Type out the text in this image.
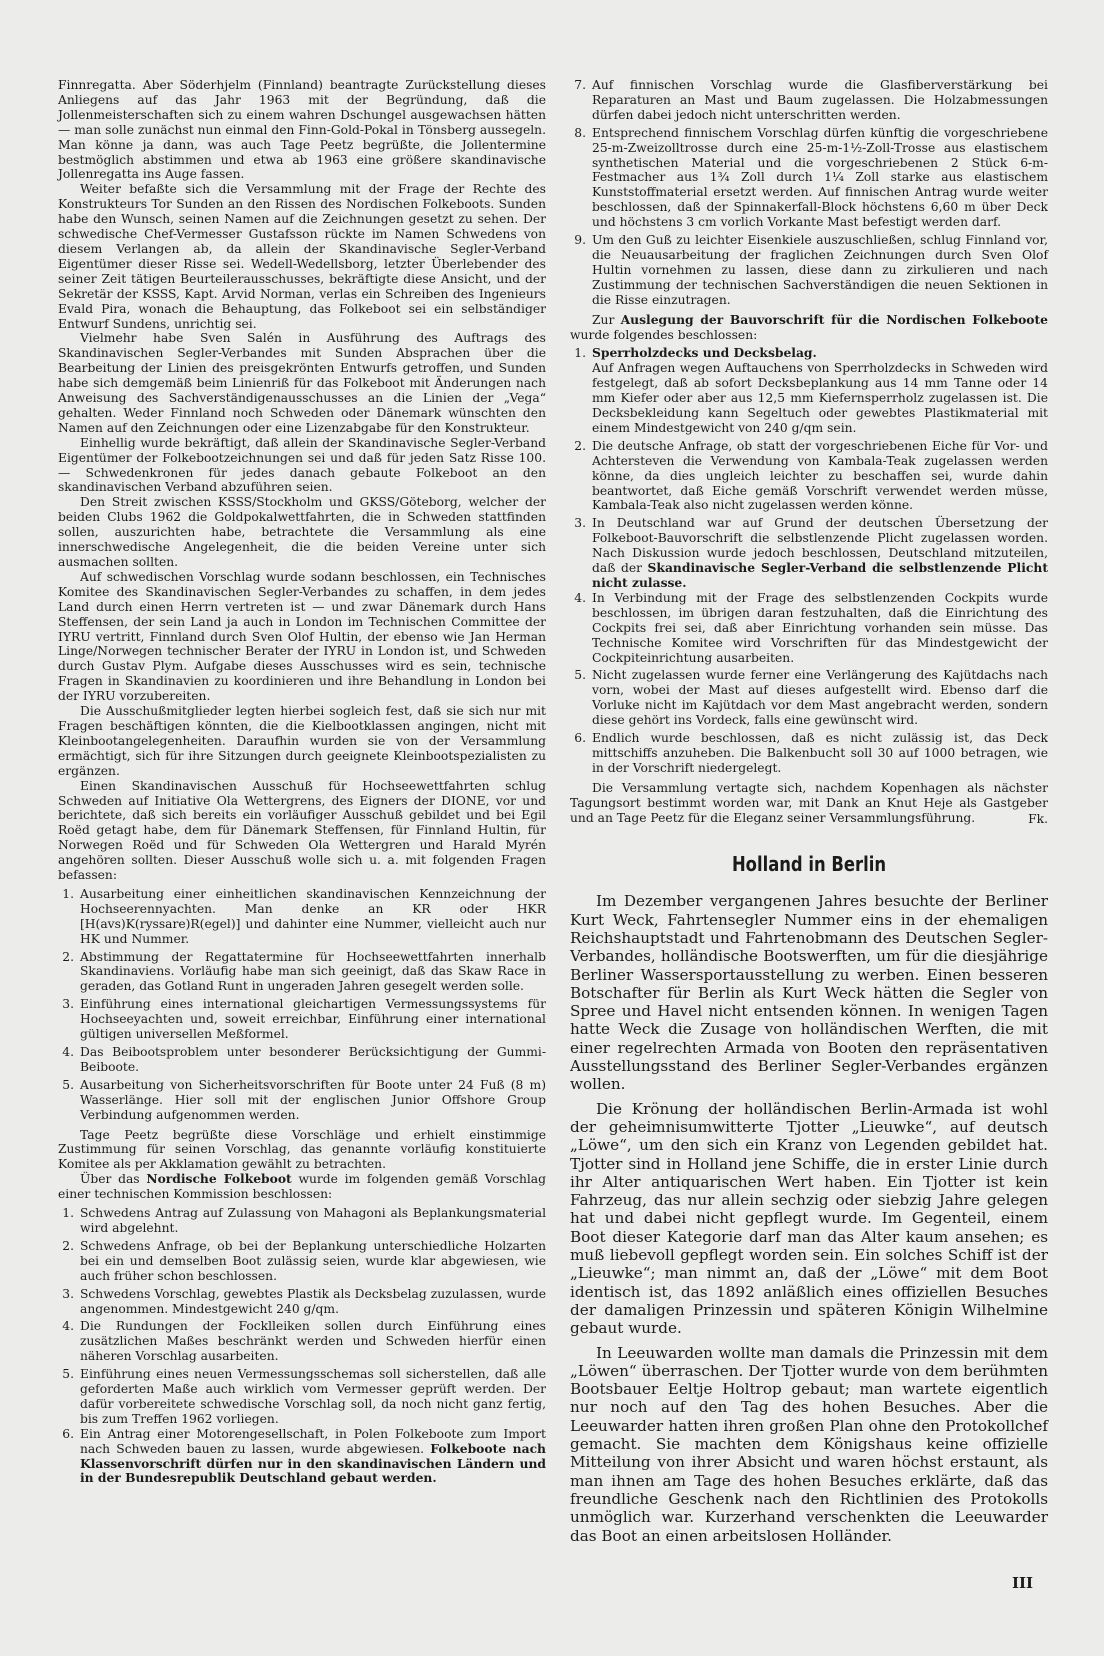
Finnregatta. Aber Söderhjelm (Finnland) beantragte Zurückstellung dieses Anliegens auf das Jahr 1963 mit der Begründung, daß die Jollenmeisterschaften sich zu einem wahren Dschungel ausgewachsen hätten — man solle zunächst nun einmal den Finn-Gold-Pokal in Tönsberg aussegeln. Man könne ja dann, was auch Tage Peetz begrüßte, die Jollentermine bestmöglich abstimmen und etwa ab 1963 eine größere skandinavische Jollenregatta ins Auge fassen.

Weiter befaßte sich die Versammlung mit der Frage der Rechte des Konstrukteurs Tor Sunden an den Rissen des Nordischen Folkeboots. Sunden habe den Wunsch, seinen Namen auf die Zeichnungen gesetzt zu sehen. Der schwedische Chef-Vermesser Gustafsson rückte im Namen Schwedens von diesem Verlangen ab, da allein der Skandinavische Segler-Verband Eigentümer dieser Risse sei. Wedell-Wedellsborg, letzter Überlebender des seiner Zeit tätigen Beurteilerausschusses, bekräftigte diese Ansicht, und der Sekretär der KSSS, Kapt. Arvid Norman, verlas ein Schreiben des Ingenieurs Evald Pira, wonach die Behauptung, das Folkeboot sei ein selbständiger Entwurf Sundens, unrichtig sei.

Vielmehr habe Sven Salén in Ausführung des Auftrags des Skandinavischen Segler-Verbandes mit Sunden Absprachen über die Bearbeitung der Linien des preisgekrönten Entwurfs getroffen, und Sunden habe sich demgemäß beim Linienriß für das Folkeboot mit Änderungen nach Anweisung des Sachverständigenausschusses an die Linien der „Vega“ gehalten. Weder Finnland noch Schweden oder Dänemark wünschten den Namen auf den Zeichnungen oder eine Lizenzabgabe für den Konstrukteur.

Einhellig wurde bekräftigt, daß allein der Skandinavische Segler-Verband Eigentümer der Folkebootzeichnungen sei und daß für jeden Satz Risse 100.— Schwedenkronen für jedes danach gebaute Folkeboot an den skandinavischen Verband abzuführen seien.

Den Streit zwischen KSSS/Stockholm und GKSS/Göteborg, welcher der beiden Clubs 1962 die Goldpokalwettfahrten, die in Schweden stattfinden sollen, auszurichten habe, betrachtete die Versammlung als eine innerschwedische Angelegenheit, die die beiden Vereine unter sich ausmachen sollten.

Auf schwedischen Vorschlag wurde sodann beschlossen, ein Technisches Komitee des Skandinavischen Segler-Verbandes zu schaffen, in dem jedes Land durch einen Herrn vertreten ist — und zwar Dänemark durch Hans Steffensen, der sein Land ja auch in London im Technischen Committee der IYRU vertritt, Finnland durch Sven Olof Hultin, der ebenso wie Jan Herman Linge/Norwegen technischer Berater der IYRU in London ist, und Schweden durch Gustav Plym. Aufgabe dieses Ausschusses wird es sein, technische Fragen in Skandinavien zu koordinieren und ihre Behandlung in London bei der IYRU vorzubereiten.

Die Ausschußmitglieder legten hierbei sogleich fest, daß sie sich nur mit Fragen beschäftigen könnten, die die Kielbootklassen angingen, nicht mit Kleinbootangelegenheiten. Daraufhin wurden sie von der Versammlung ermächtigt, sich für ihre Sitzungen durch geeignete Kleinbootspezialisten zu ergänzen.

Einen Skandinavischen Ausschuß für Hochseewettfahrten schlug Schweden auf Initiative Ola Wettergrens, des Eigners der DIONE, vor und berichtete, daß sich bereits ein vorläufiger Ausschuß gebildet und bei Egil Roëd getagt habe, dem für Dänemark Steffensen, für Finnland Hultin, für Norwegen Roëd und für Schweden Ola Wettergren und Harald Myrén angehören sollten. Dieser Ausschuß wolle sich u. a. mit folgenden Fragen befassen:

1. Ausarbeitung einer einheitlichen skandinavischen Kennzeichnung der Hochseerennyachten. Man denke an KR oder HKR [H(avs)K(ryssare)R(egel)] und dahinter eine Nummer, vielleicht auch nur HK und Nummer.
2. Abstimmung der Regattatermine für Hochseewettfahrten innerhalb Skandinaviens. Vorläufig habe man sich geeinigt, daß das Skaw Race in geraden, das Gotland Runt in ungeraden Jahren gesegelt werden solle.
3. Einführung eines international gleichartigen Vermessungssystems für Hochseeyachten und, soweit erreichbar, Einführung einer international gültigen universellen Meßformel.
4. Das Beibootsproblem unter besonderer Berücksichtigung der Gummi-Beiboote.
5. Ausarbeitung von Sicherheitsvorschriften für Boote unter 24 Fuß (8 m) Wasserlänge. Hier soll mit der englischen Junior Offshore Group Verbindung aufgenommen werden.

Tage Peetz begrüßte diese Vorschläge und erhielt einstimmige Zustimmung für seinen Vorschlag, das genannte vorläufig konstituierte Komitee als per Akklamation gewählt zu betrachten.

Über das Nordische Folkeboot wurde im folgenden gemäß Vorschlag einer technischen Kommission beschlossen:

1. Schwedens Antrag auf Zulassung von Mahagoni als Beplankungsmaterial wird abgelehnt.
2. Schwedens Anfrage, ob bei der Beplankung unterschiedliche Holzarten bei ein und demselben Boot zulässig seien, wurde klar abgewiesen, wie auch früher schon beschlossen.
3. Schwedens Vorschlag, gewebtes Plastik als Decksbelag zuzulassen, wurde angenommen. Mindestgewicht 240 g/qm.
4. Die Rundungen der Focklleiken sollen durch Einführung eines zusätzlichen Maßes beschränkt werden und Schweden hierfür einen näheren Vorschlag ausarbeiten.
5. Einführung eines neuen Vermessungsschemas soll sicherstellen, daß alle geforderten Maße auch wirklich vom Vermesser geprüft werden. Der dafür vorbereitete schwedische Vorschlag soll, da noch nicht ganz fertig, bis zum Treffen 1962 vorliegen.
6. Ein Antrag einer Motorengesellschaft, in Polen Folkeboote zum Import nach Schweden bauen zu lassen, wurde abgewiesen. Folkeboote nach Klassenvorschrift dürfen nur in den skandinavischen Ländern und in der Bundesrepublik Deutschland gebaut werden.
7. Auf finnischen Vorschlag wurde die Glasfiberverstärkung bei Reparaturen an Mast und Baum zugelassen. Die Holzabmessungen dürfen dabei jedoch nicht unterschritten werden.
8. Entsprechend finnischem Vorschlag dürfen künftig die vorgeschriebene 25-m-Zweizolltrosse durch eine 25-m-1½-Zoll-Trosse aus elastischem synthetischen Material und die vorgeschriebenen 2 Stück 6-m-Festmacher aus 1¾ Zoll durch 1¼ Zoll starke aus elastischem Kunststoffmaterial ersetzt werden. Auf finnischen Antrag wurde weiter beschlossen, daß der Spinnakerfall-Block höchstens 6,60 m über Deck und höchstens 3 cm vorlich Vorkante Mast befestigt werden darf.
9. Um den Guß zu leichter Eisenkiele auszuschließen, schlug Finnland vor, die Neuausarbeitung der fraglichen Zeichnungen durch Sven Olof Hultin vornehmen zu lassen, diese dann zu zirkulieren und nach Zustimmung der technischen Sachverständigen die neuen Sektionen in die Risse einzutragen.

Zur Auslegung der Bauvorschrift für die Nordischen Folkeboote wurde folgendes beschlossen:

1. Sperrholzdecks und Decksbelag.
Auf Anfragen wegen Auftauchens von Sperrholzdecks in Schweden wird festgelegt, daß ab sofort Decksbeplankung aus 14 mm Tanne oder 14 mm Kiefer oder aber aus 12,5 mm Kiefernsperrholz zugelassen ist. Die Decksbekleidung kann Segeltuch oder gewebtes Plastikmaterial mit einem Mindestgewicht von 240 g/qm sein.
2. Die deutsche Anfrage, ob statt der vorgeschriebenen Eiche für Vor- und Achtersteven die Verwendung von Kambala-Teak zugelassen werden könne, da dies ungleich leichter zu beschaffen sei, wurde dahin beantwortet, daß Eiche gemäß Vorschrift verwendet werden müsse, Kambala-Teak also nicht zugelassen werden könne.
3. In Deutschland war auf Grund der deutschen Übersetzung der Folkeboot-Bauvorschrift die selbstlenzende Plicht zugelassen worden. Nach Diskussion wurde jedoch beschlossen, Deutschland mitzuteilen, daß der Skandinavische Segler-Verband die selbstlenzende Plicht nicht zulasse.
4. In Verbindung mit der Frage des selbstlenzenden Cockpits wurde beschlossen, im übrigen daran festzuhalten, daß die Einrichtung des Cockpits frei sei, daß aber Einrichtung vorhanden sein müsse. Das Technische Komitee wird Vorschriften für das Mindestgewicht der Cockpiteinrichtung ausarbeiten.
5. Nicht zugelassen wurde ferner eine Verlängerung des Kajütdachs nach vorn, wobei der Mast auf dieses aufgestellt wird. Ebenso darf die Vorluke nicht im Kajütdach vor dem Mast angebracht werden, sondern diese gehört ins Vordeck, falls eine gewünscht wird.
6. Endlich wurde beschlossen, daß es nicht zulässig ist, das Deck mittschiffs anzuheben. Die Balkenbucht soll 30 auf 1000 betragen, wie in der Vorschrift niedergelegt.

Die Versammlung vertagte sich, nachdem Kopenhagen als nächster Tagungsort bestimmt worden war, mit Dank an Knut Heje als Gastgeber und an Tage Peetz für die Eleganz seiner Versammlungsführung.	Fk.

Holland in Berlin

Im Dezember vergangenen Jahres besuchte der Berliner Kurt Weck, Fahrtensegler Nummer eins in der ehemaligen Reichshauptstadt und Fahrtenobmann des Deutschen Segler-Verbandes, holländische Bootswerften, um für die diesjährige Berliner Wassersportausstellung zu werben. Einen besseren Botschafter für Berlin als Kurt Weck hätten die Segler von Spree und Havel nicht entsenden können. In wenigen Tagen hatte Weck die Zusage von holländischen Werften, die mit einer regelrechten Armada von Booten den repräsentativen Ausstellungsstand des Berliner Segler-Verbandes ergänzen wollen.

Die Krönung der holländischen Berlin-Armada ist wohl der geheimnisumwitterte Tjotter „Lieuwke“, auf deutsch „Löwe“, um den sich ein Kranz von Legenden gebildet hat. Tjotter sind in Holland jene Schiffe, die in erster Linie durch ihr Alter antiquarischen Wert haben. Ein Tjotter ist kein Fahrzeug, das nur allein sechzig oder siebzig Jahre gelegen hat und dabei nicht gepflegt wurde. Im Gegenteil, einem Boot dieser Kategorie darf man das Alter kaum ansehen; es muß liebevoll gepflegt worden sein. Ein solches Schiff ist der „Lieuwke“; man nimmt an, daß der „Löwe“ mit dem Boot identisch ist, das 1892 anläßlich eines offiziellen Besuches der damaligen Prinzessin und späteren Königin Wilhelmine gebaut wurde.

In Leeuwarden wollte man damals die Prinzessin mit dem „Löwen“ überraschen. Der Tjotter wurde von dem berühmten Bootsbauer Eeltje Holtrop gebaut; man wartete eigentlich nur noch auf den Tag des hohen Besuches. Aber die Leeuwarder hatten ihren großen Plan ohne den Protokollchef gemacht. Sie machten dem Königshaus keine offizielle Mitteilung von ihrer Absicht und waren höchst erstaunt, als man ihnen am Tage des hohen Besuches erklärte, daß das freundliche Geschenk nach den Richtlinien des Protokolls unmöglich war. Kurzerhand verschenkten die Leeuwarder das Boot an einen arbeitslosen Holländer.

III
